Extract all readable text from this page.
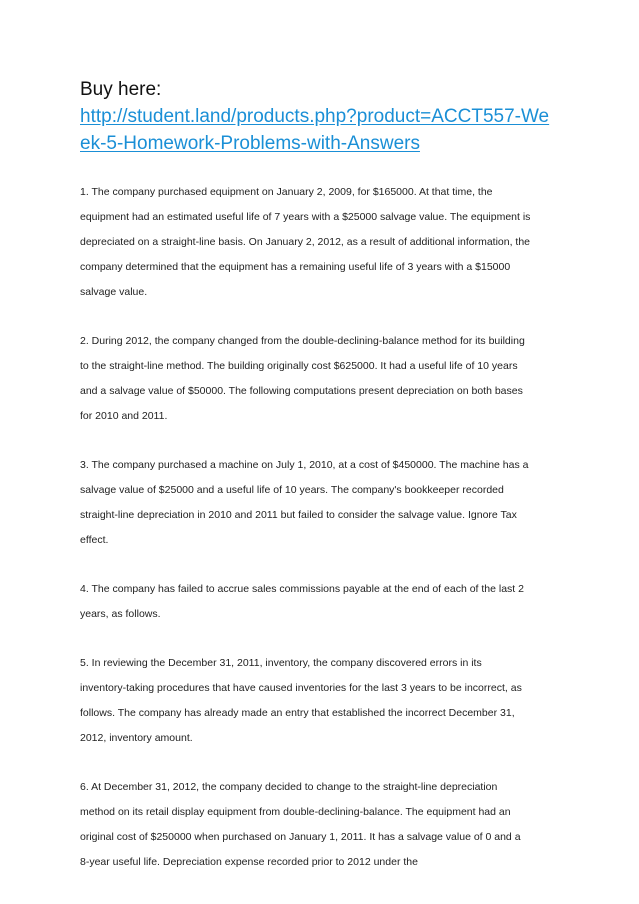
Buy here:

http://student.land/products.php?product=ACCT557-We
ek-5-Homework-Problems-with-Answers
1. The company purchased equipment on January 2, 2009, for $165000. At that time, the
equipment had an estimated useful life of 7 years with a $25000 salvage value. The equipment is
depreciated on a straight-line basis. On January 2, 2012, as a result of additional information, the
company determined that the equipment has a remaining useful life of 3 years with a $15000
salvage value.
2. During 2012, the company changed from the double-declining-balance method for its building
to the straight-line method. The building originally cost $625000. It had a useful life of 10 years
and a salvage value of $50000. The following computations present depreciation on both bases
for 2010 and 2011.
3. The company purchased a machine on July 1, 2010, at a cost of $450000. The machine has a
salvage value of $25000 and a useful life of 10 years. The company's bookkeeper recorded
straight-line depreciation in 2010 and 2011 but failed to consider the salvage value. Ignore Tax
effect.
4. The company has failed to accrue sales commissions payable at the end of each of the last 2
years, as follows.
5. In reviewing the December 31, 2011, inventory, the company discovered errors in its
inventory-taking procedures that have caused inventories for the last 3 years to be incorrect, as
follows. The company has already made an entry that established the incorrect December 31,
2012, inventory amount.
6. At December 31, 2012, the company decided to change to the straight-line depreciation
method on its retail display equipment from double-declining-balance. The equipment had an
original cost of $250000 when purchased on January 1, 2011. It has a salvage value of 0 and a
8-year useful life. Depreciation expense recorded prior to 2012 under the
